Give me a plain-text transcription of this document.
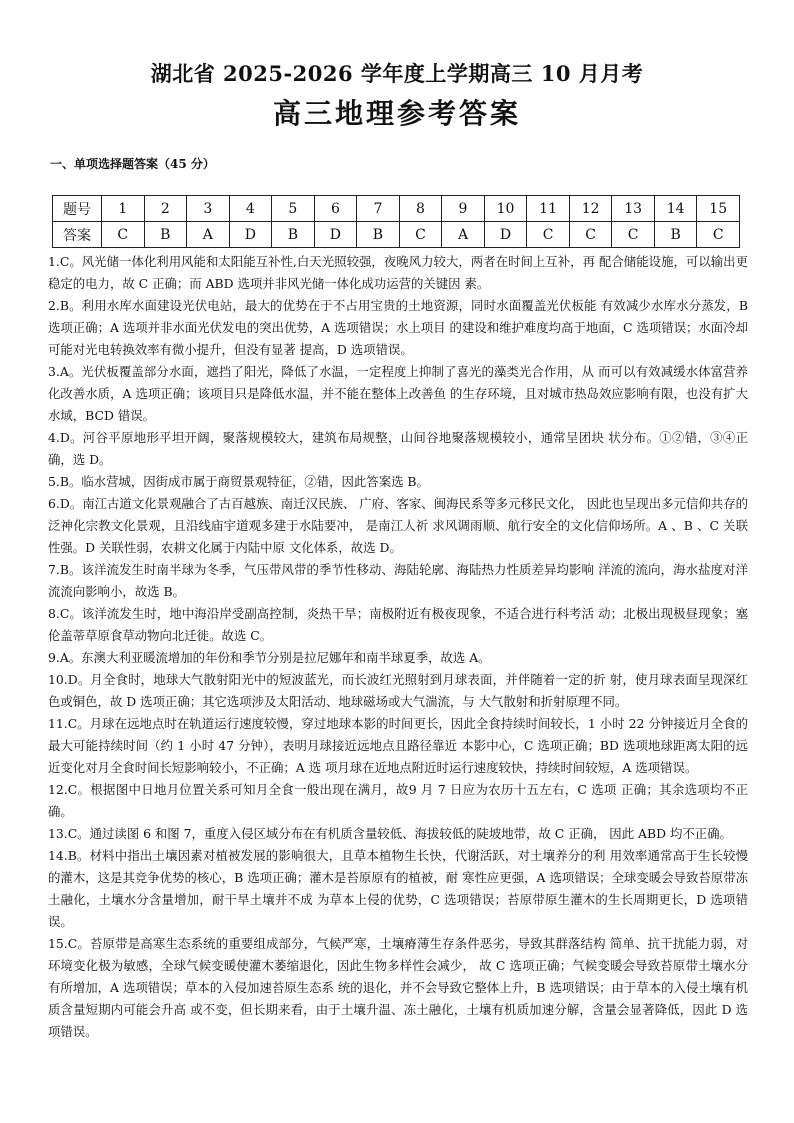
湖北省 2025-2026 学年度上学期高三 10 月月考
高三地理参考答案
一、单项选择题答案（45 分）
题号	1	2	3	4	5	6	7	8	9	10	11	12	13	14	15
答案	C	B	A	D	B	D	B	C	A	D	C	C	C	B	C

1.C。风光储一体化利用风能和太阳能互补性,白天光照较强，夜晚风力较大，两者在时间上互补，再 配合储能设施，可以输出更稳定的电力，故 C 正确；而 ABD 选项并非风光储一体化成功运营的关键因 素。

2.B。利用水库水面建设光伏电站，最大的优势在于不占用宝贵的土地资源，同时水面覆盖光伏板能 有效减少水库水分蒸发，B 选项正确；A 选项并非水面光伏发电的突出优势，A 选项错误；水上项目 的建设和维护难度均高于地面，C 选项错误；水面冷却可能对光电转换效率有微小提升，但没有显著 提高，D 选项错误。

3.A。光伏板覆盖部分水面，遮挡了阳光，降低了水温，一定程度上抑制了喜光的藻类光合作用，从 而可以有效减缓水体富营养化改善水质，A 选项正确；该项目只是降低水温，并不能在整体上改善鱼 的生存环境，且对城市热岛效应影响有限，也没有扩大水域，BCD 错误。

4.D。河谷平原地形平坦开阔，聚落规模较大，建筑布局规整，山间谷地聚落规模较小，通常呈团块 状分布。①②错，③④正确，选 D。

5.B。临水营城，因街成市属于商贸景观特征，②错，因此答案选 B。

6.D。南江古道文化景观融合了古百越族、南迁汉民族、 广府、客家、闽海民系等多元移民文化， 因此也呈现出多元信仰共存的泛神化宗教文化景观，且沿线庙宇道观多建于水陆要冲， 是南江人祈 求风调雨顺、航行安全的文化信仰场所。A 、B 、C 关联性强。D 关联性弱，农耕文化属于内陆中原 文化体系，故选 D。

7.B。该洋流发生时南半球为冬季，气压带风带的季节性移动、海陆轮廓、海陆热力性质差异均影响 洋流的流向，海水盐度对洋流流向影响小，故选 B。

8.C。该洋流发生时，地中海沿岸受副高控制，炎热干旱；南极附近有极夜现象，不适合进行科考活 动；北极出现极昼现象；塞伦盖蒂草原食草动物向北迁徙。故选 C。

9.A。东澳大利亚暖流增加的年份和季节分别是拉尼娜年和南半球夏季，故选 A。

10.D。月全食时，地球大气散射阳光中的短波蓝光，而长波红光照射到月球表面，并伴随着一定的折 射，使月球表面呈现深红色或铜色，故 D 选项正确；其它选项涉及太阳活动、地球磁场或大气湍流，与 大气散射和折射原理不同。

11.C。月球在远地点时在轨道运行速度较慢，穿过地球本影的时间更长，因此全食持续时间较长，1 小时 22 分钟接近月全食的最大可能持续时间（约 1 小时 47 分钟），表明月球接近远地点且路径靠近 本影中心，C 选项正确；BD 选项地球距离太阳的远近变化对月全食时间长短影响较小，不正确；A 选 项月球在近地点附近时运行速度较快，持续时间较短，A 选项错误。

12.C。根据图中日地月位置关系可知月全食一般出现在满月，故9 月 7 日应为农历十五左右，C 选项 正确；其余选项均不正确。

13.C。通过读图 6 和图 7，重度入侵区域分布在有机质含量较低、海拔较低的陡坡地带，故 C 正确， 因此 ABD 均不正确。

14.B。材料中指出土壤因素对植被发展的影响很大，且草本植物生长快，代谢活跃，对土壤养分的利 用效率通常高于生长较慢的灌木，这是其竞争优势的核心，B 选项正确；灌木是苔原原有的植被，耐 寒性应更强，A 选项错误；全球变暖会导致苔原带冻土融化，土壤水分含量增加，耐干旱土壤并不成 为草本上侵的优势，C 选项错误；苔原带原生灌木的生长周期更长，D 选项错误。

15.C。苔原带是高寒生态系统的重要组成部分，气候严寒，土壤瘠薄生存条件恶劣，导致其群落结构 简单、抗干扰能力弱，对环境变化极为敏感，全球气候变暖使灌木萎缩退化，因此生物多样性会减少， 故 C 选项正确；气候变暖会导致苔原带土壤水分有所增加，A 选项错误；草本的入侵加速苔原生态系 统的退化，并不会导致它整体上升，B 选项错误；由于草本的入侵土壤有机质含量短期内可能会升高 或不变，但长期来看，由于土壤升温、冻土融化，土壤有机质加速分解，含量会显著降低，因此 D 选项错误。
